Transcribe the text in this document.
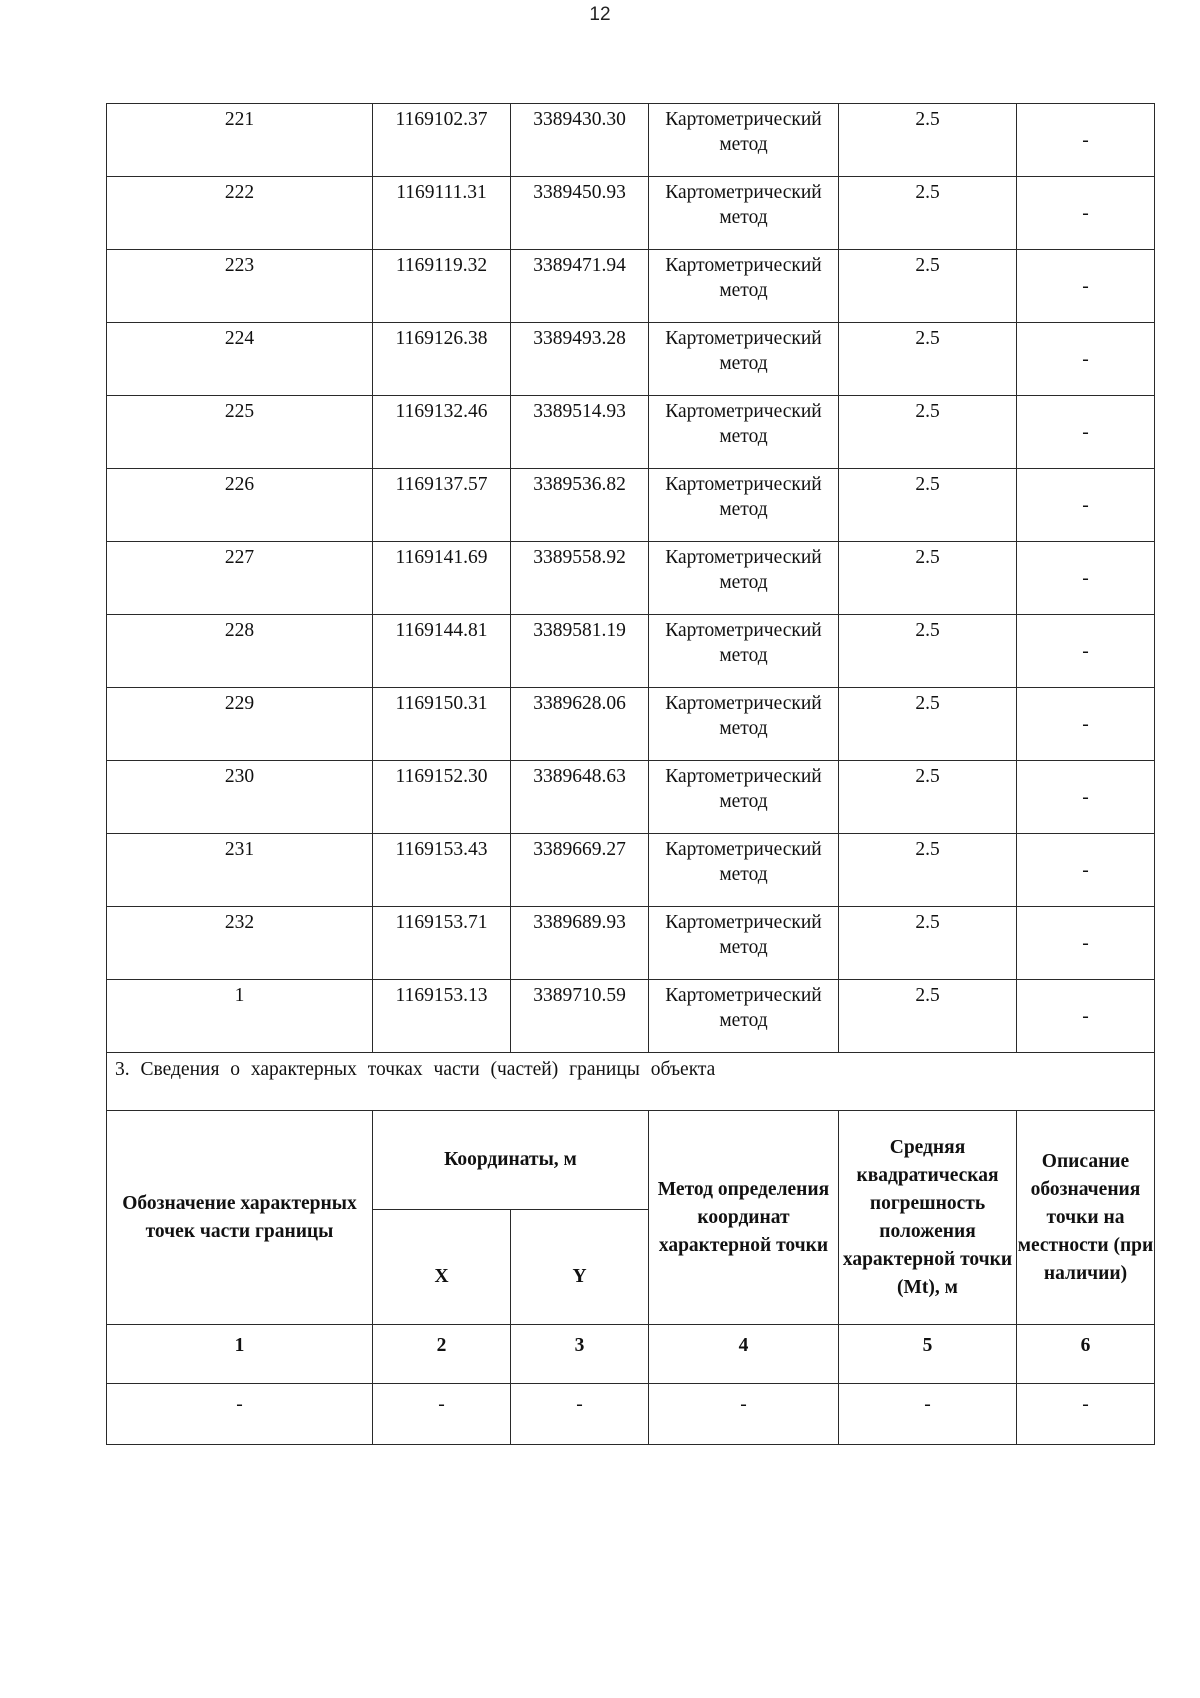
12
221	1169102.37	3389430.30	Картометрический метод	2.5	-
222	1169111.31	3389450.93	Картометрический метод	2.5	-
223	1169119.32	3389471.94	Картометрический метод	2.5	-
224	1169126.38	3389493.28	Картометрический метод	2.5	-
225	1169132.46	3389514.93	Картометрический метод	2.5	-
226	1169137.57	3389536.82	Картометрический метод	2.5	-
227	1169141.69	3389558.92	Картометрический метод	2.5	-
228	1169144.81	3389581.19	Картометрический метод	2.5	-
229	1169150.31	3389628.06	Картометрический метод	2.5	-
230	1169152.30	3389648.63	Картометрический метод	2.5	-
231	1169153.43	3389669.27	Картометрический метод	2.5	-
232	1169153.71	3389689.93	Картометрический метод	2.5	-
1	1169153.13	3389710.59	Картометрический метод	2.5	-
3. Сведения о характерных точках части (частей) границы объекта					
Обозначение характерных точек части границы	Координаты, м		Метод определения координат характерной точки	Средняя квадратическая погрешность положения характерной точки (Mt), м	Описание обозначения точки на местности (при наличии)
	X	Y			
1	2	3	4	5	6
-	-	-	-	-	-
